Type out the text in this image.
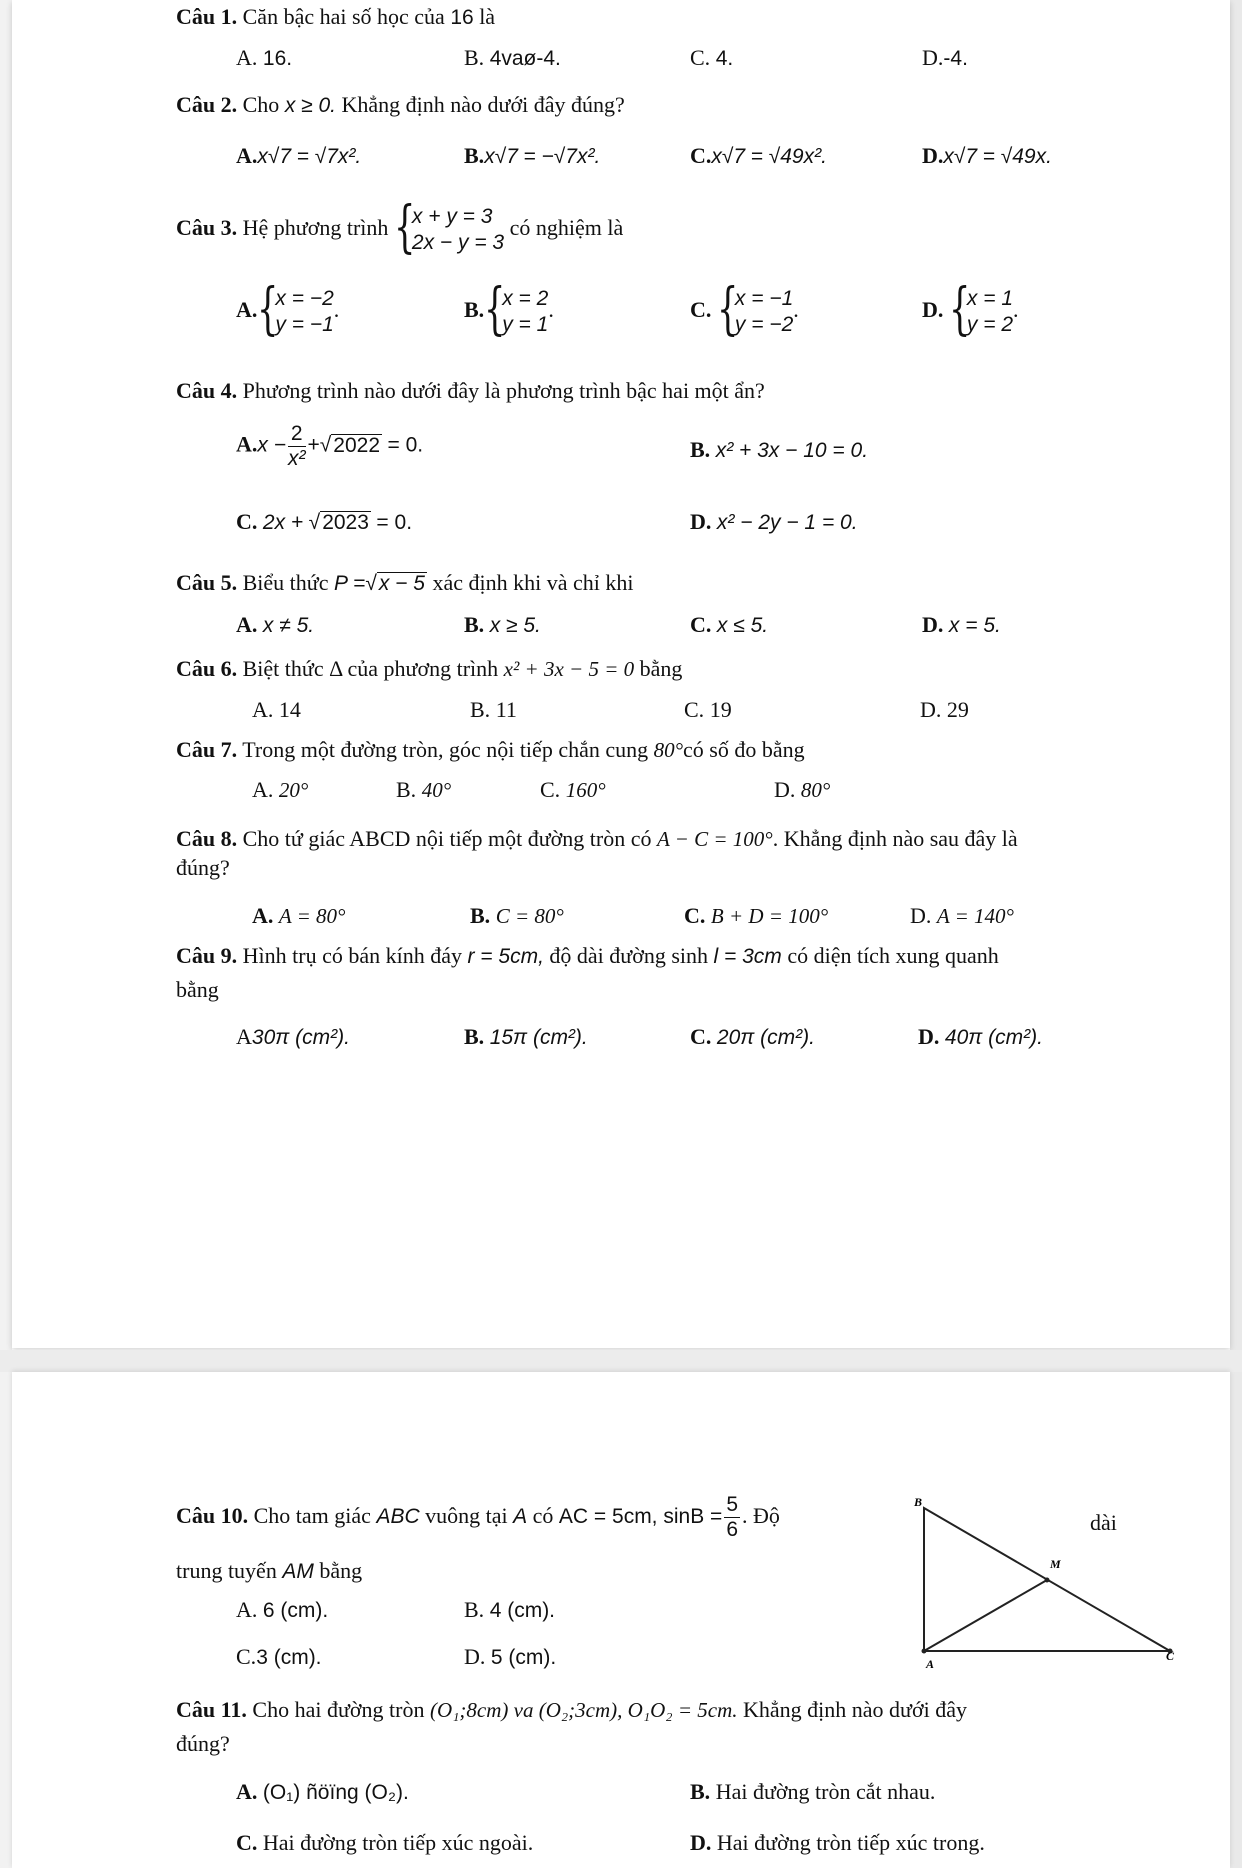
Câu 1. Căn bậc hai số học của 16 là
A. 16.	B. 4vaø-4.	C. 4.	D.-4.
Câu 2. Cho x ≥ 0. Khẳng định nào dưới đây đúng?
A.x√7 = √7x².	B.x√7 = −√7x².	C.x√7 = √49x².	D.x√7 = √49x.
Câu 3. Hệ phương trình {
x + y = 3
2x − y = 3
có nghiệm là
A. {
x = −2
y = −1
.	B. {
x = 2
y = 1
.	C. {
x = −1
y = −2
.	D. {
x = 1
y = 2
.
Câu 4. Phương trình nào dưới đây là phương trình bậc hai một ẩn?
$A.x - \frac{2}{\text{x²}} +√2022 = 0$.	B. x² + 3x − 10 = 0.
C. 2x + √2023 = 0.	D. x² − 2y − 1 = 0.
Câu 5. Biểu thức P =√x − 5 xác định khi và chỉ khi
A. x ≠ 5.	B. x ≥ 5.	C. x ≤ 5.	D. x = 5.
Câu 6. Biệt thức Δ của phương trình x² + 3x − 5 = 0 bằng
A. 14	B. 11	C. 19	D. 29
Câu 7. Trong một đường tròn, góc nội tiếp chắn cung 80°có số đo bằng
A. 20°	B. 40°	C. 160°	D. 80°
Câu 8. Cho tứ giác ABCD nội tiếp một đường tròn có A − C = 100°. Khẳng định nào sau đây là
đúng?
A. A = 80°	B. C = 80°	C. B + D = 100°	D. A = 140°
Câu 9. Hình trụ có bán kính đáy r = 5cm, độ dài đường sinh l = 3cm có diện tích xung quanh
bằng
A30π (cm²).	B. 15π (cm²).	C. 20π (cm²).	D. 40π (cm²).
Câu 10. Cho tam giác ABC vuông tại A có AC = 5cm, $\sin B = \frac{5}{6}$ . Độ	dài
trung tuyến AM bằng
A. 6 (cm).	B. 4 (cm).
C.3 (cm).	D. 5 (cm).
B
M
A
C
Câu 11. Cho hai đường tròn (O₁;8cm) va (O₂;3cm), O₁O₂ = 5cm. Khẳng định nào dưới đây
đúng?
A. (O₁) ñöïng (O₂).	B. Hai đường tròn cắt nhau.
C. Hai đường tròn tiếp xúc ngoài.	D. Hai đường tròn tiếp xúc trong.
